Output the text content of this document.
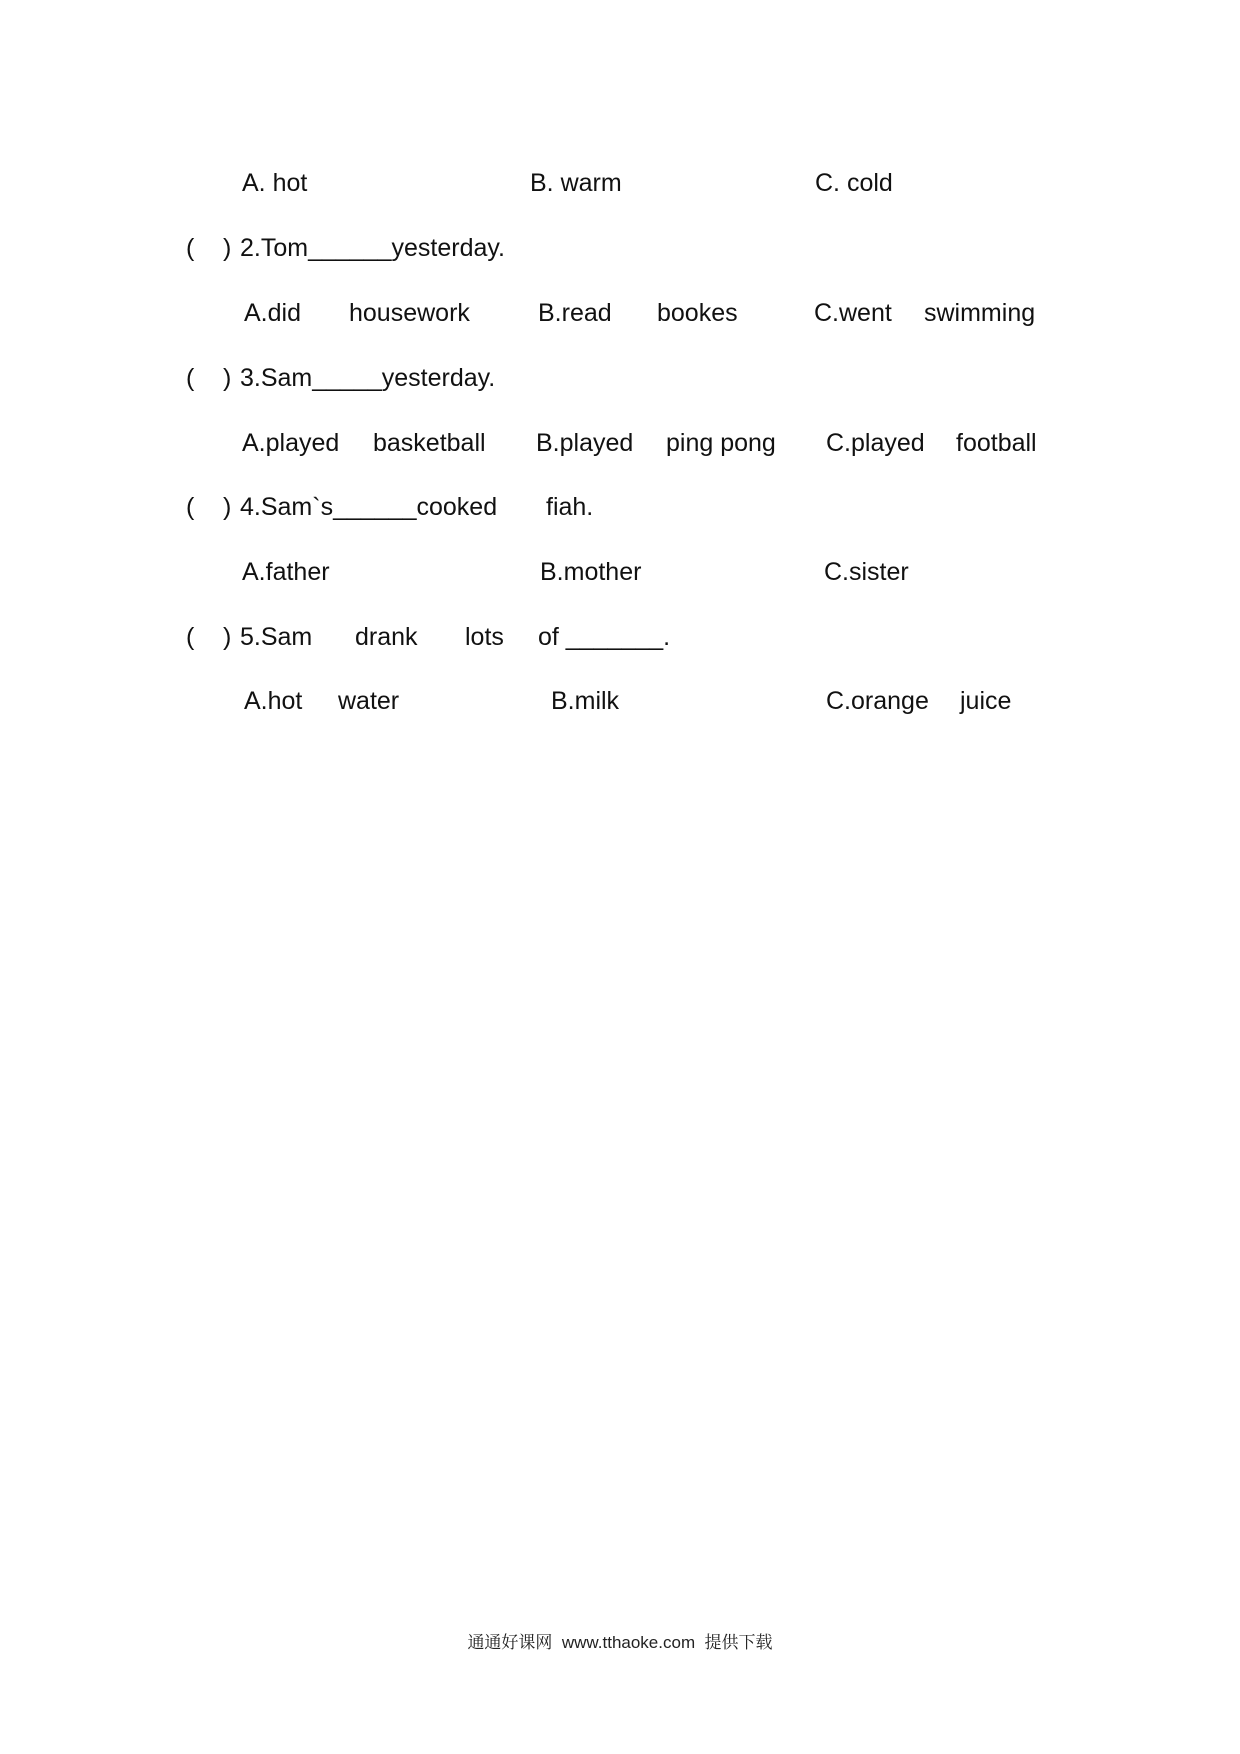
A. hot	B. warm	C. cold
( ) 2.Tom______yesterday.
A.did housework	B.read bookes	C.went swimming
( ) 3.Sam_____yesterday.
A.played basketball B.played ping pong C.played football
( ) 4.Sam`s______cooked fiah.
A.father	B.mother	C.sister
( ) 5.Sam drank lots of _______.
A.hot water	B.milk	C.orange juice
通通好课网  www.tthaoke.com  提供下载
